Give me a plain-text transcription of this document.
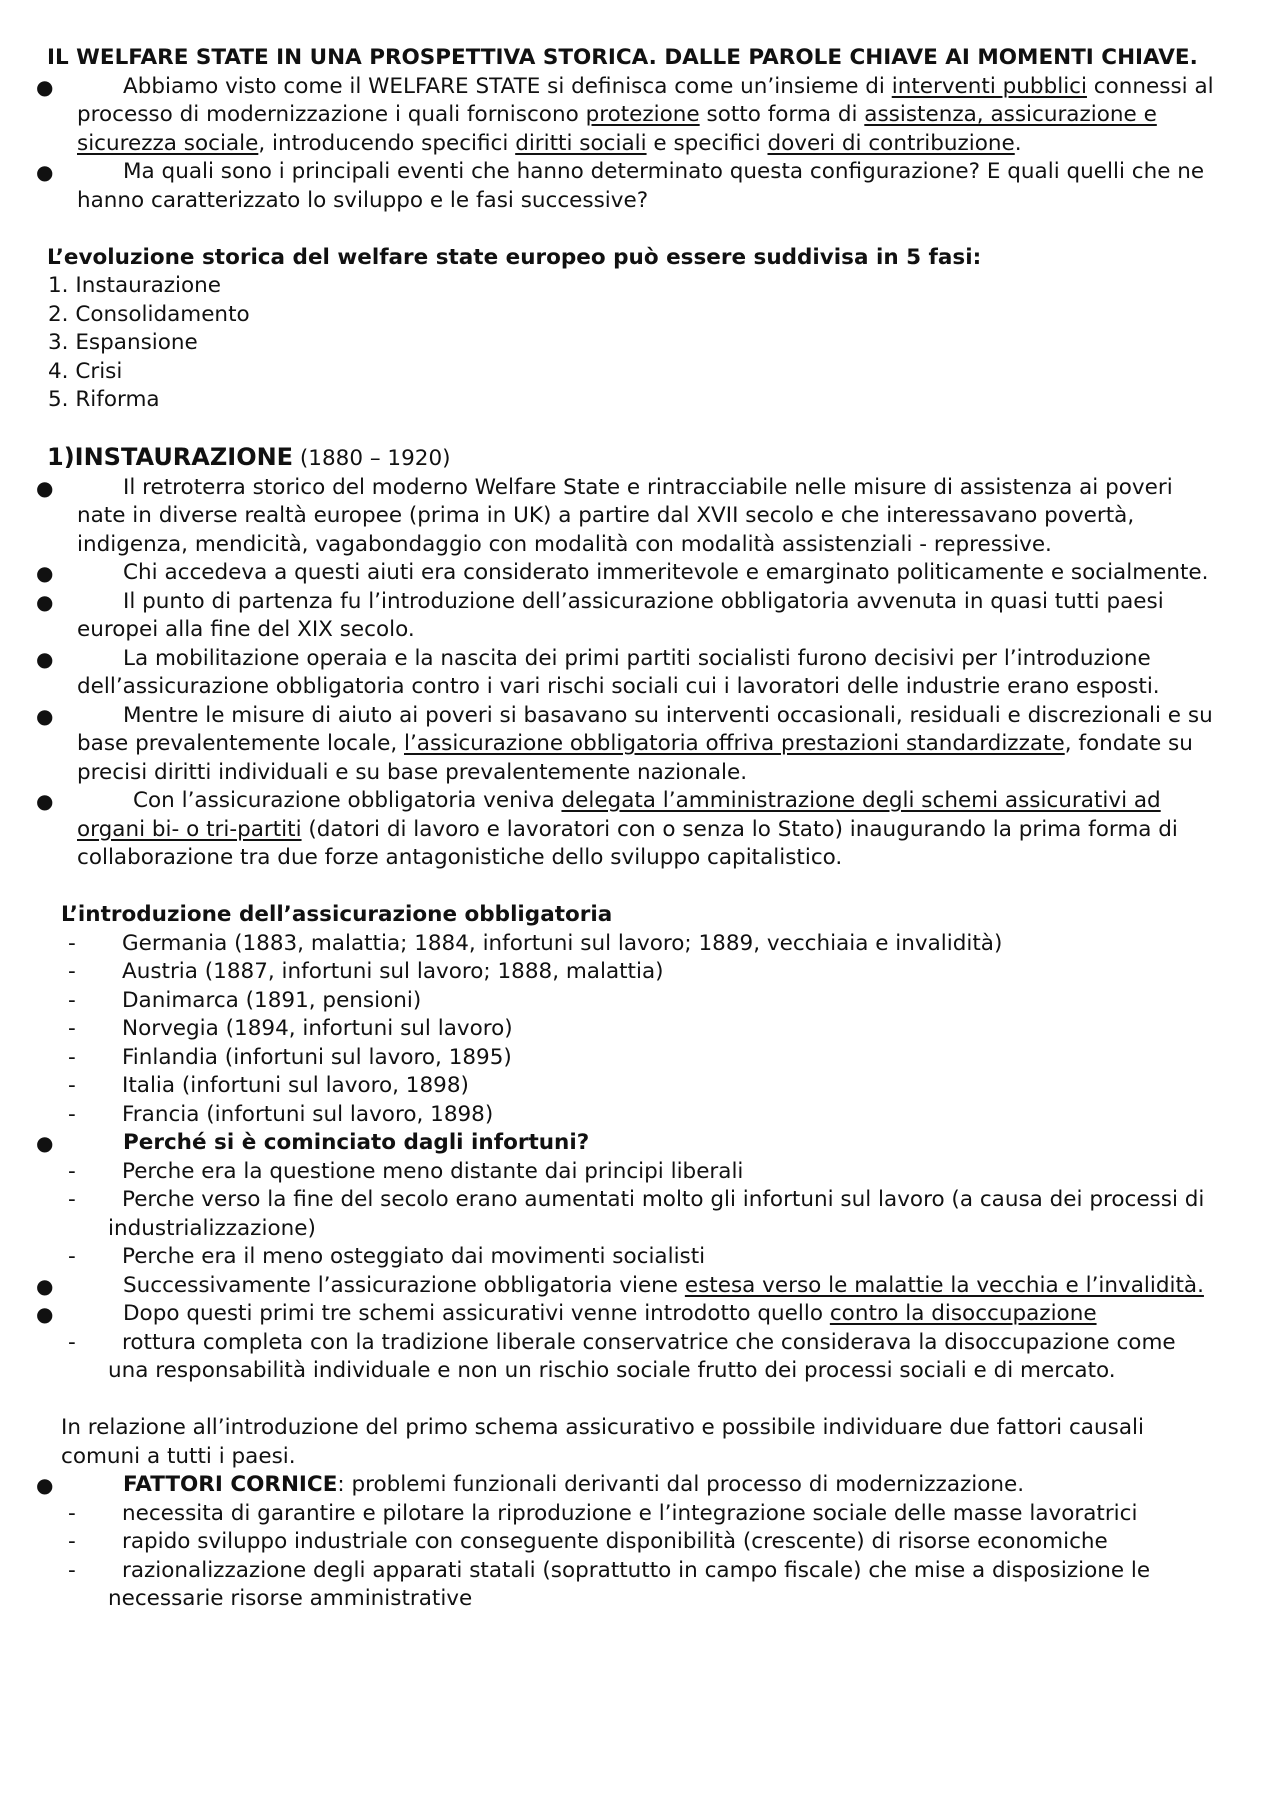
IL WELFARE STATE IN UNA PROSPETTIVA STORICA. DALLE PAROLE CHIAVE AI MOMENTI CHIAVE.

●	Abbiamo visto come il WELFARE STATE si definisca come un’insieme di interventi pubblici connessi al processo di modernizzazione i quali forniscono protezione sotto forma di assistenza, assicurazione e sicurezza sociale, introducendo specifici diritti sociali e specifici doveri di contribuzione.
●	Ma quali sono i principali eventi che hanno determinato questa configurazione? E quali quelli che ne hanno caratterizzato lo sviluppo e le fasi successive?
L’evoluzione storica del welfare state europeo può essere suddivisa in 5 fasi:
1. Instaurazione
2. Consolidamento
3. Espansione
4. Crisi
5. Riforma
1)INSTAURAZIONE (1880 – 1920)
●	Il retroterra storico del moderno Welfare State e rintracciabile nelle misure di assistenza ai poveri nate in diverse realtà europee (prima in UK) a partire dal XVII secolo e che interessavano povertà, indigenza, mendicità, vagabondaggio con modalità con modalità assistenziali - repressive.
●	Chi accedeva a questi aiuti era considerato immeritevole e emarginato politicamente e socialmente.
●	Il punto di partenza fu l’introduzione dell’assicurazione obbligatoria avvenuta in quasi tutti paesi europei alla fine del XIX secolo.
●	La mobilitazione operaia e la nascita dei primi partiti socialisti furono decisivi per l’introduzione dell’assicurazione obbligatoria contro i vari rischi sociali cui i lavoratori delle industrie erano esposti.
●	Mentre le misure di aiuto ai poveri si basavano su interventi occasionali, residuali e discrezionali e su base prevalentemente locale, l’assicurazione obbligatoria offriva prestazioni standardizzate, fondate su precisi diritti individuali e su base prevalentemente nazionale.
●	Con l’assicurazione obbligatoria veniva delegata l’amministrazione degli schemi assicurativi ad organi bi- o tri-partiti (datori di lavoro e lavoratori con o senza lo Stato) inaugurando la prima forma di collaborazione tra due forze antagonistiche dello sviluppo capitalistico.
L’introduzione dell’assicurazione obbligatoria
- Germania (1883, malattia; 1884, infortuni sul lavoro; 1889, vecchiaia e invalidità)
- Austria (1887, infortuni sul lavoro; 1888, malattia)
- Danimarca (1891, pensioni)
- Norvegia (1894, infortuni sul lavoro)
- Finlandia (infortuni sul lavoro, 1895)
- Italia (infortuni sul lavoro, 1898)
- Francia (infortuni sul lavoro, 1898)
●	Perché si è cominciato dagli infortuni?
- Perche era la questione meno distante dai principi liberali
- Perche verso la fine del secolo erano aumentati molto gli infortuni sul lavoro (a causa dei processi di industrializzazione)
- Perche era il meno osteggiato dai movimenti socialisti
●	Successivamente l’assicurazione obbligatoria viene estesa verso le malattie la vecchia e l’invalidità.
●	Dopo questi primi tre schemi assicurativi venne introdotto quello contro la disoccupazione
- rottura completa con la tradizione liberale conservatrice che considerava la disoccupazione come una responsabilità individuale e non un rischio sociale frutto dei processi sociali e di mercato.
In relazione all’introduzione del primo schema assicurativo e possibile individuare due fattori causali comuni a tutti i paesi.
●	FATTORI CORNICE: problemi funzionali derivanti dal processo di modernizzazione.
- necessita di garantire e pilotare la riproduzione e l’integrazione sociale delle masse lavoratrici
- rapido sviluppo industriale con conseguente disponibilità (crescente) di risorse economiche
- razionalizzazione degli apparati statali (soprattutto in campo fiscale) che mise a disposizione le necessarie risorse amministrative
